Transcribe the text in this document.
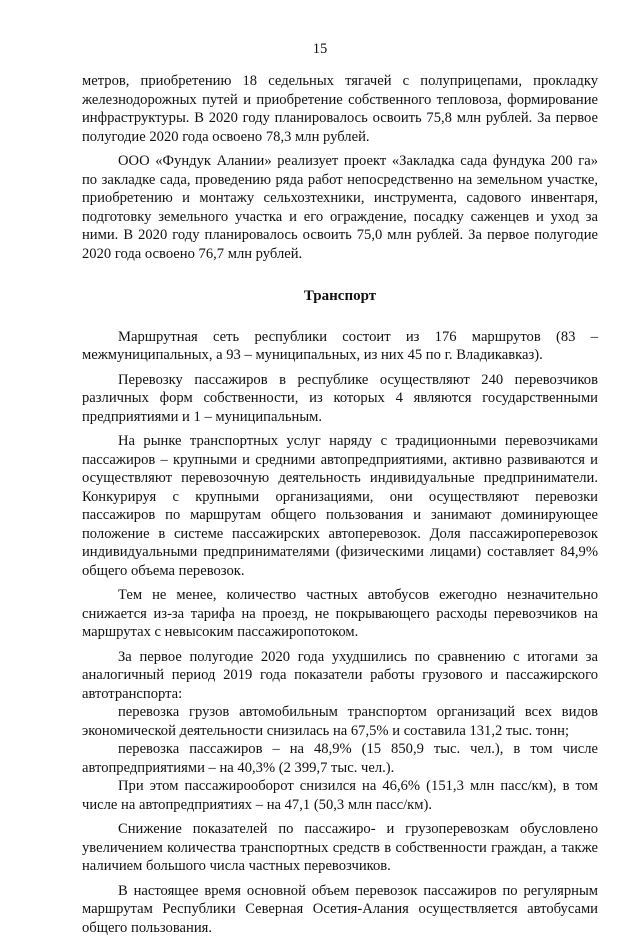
15

метров, приобретению 18 седельных тягачей с полуприцепами, прокладку железнодорожных путей и приобретение собственного тепловоза, формирование инфраструктуры. В 2020 году планировалось освоить 75,8 млн рублей. За первое полугодие 2020 года освоено 78,3 млн рублей.

ООО «Фундук Алании» реализует проект «Закладка сада фундука 200 га» по закладке сада, проведению ряда работ непосредственно на земельном участке, приобретению и монтажу сельхозтехники, инструмента, садового инвентаря, подготовку земельного участка и его ограждение, посадку саженцев и уход за ними. В 2020 году планировалось освоить 75,0 млн рублей. За первое полугодие 2020 года освоено 76,7 млн рублей.

Транспорт

Маршрутная сеть республики состоит из 176 маршрутов (83 – межмуниципальных, а 93 – муниципальных, из них 45 по г. Владикавказ).

Перевозку пассажиров в республике осуществляют 240 перевозчиков различных форм собственности, из которых 4 являются государственными предприятиями и 1 – муниципальным.

На рынке транспортных услуг наряду с традиционными перевозчиками пассажиров – крупными и средними автопредприятиями, активно развиваются и осуществляют перевозочную деятельность индивидуальные предприниматели. Конкурируя с крупными организациями, они осуществляют перевозки пассажиров по маршрутам общего пользования и занимают доминирующее положение в системе пассажирских автоперевозок. Доля пассажироперевозок индивидуальными предпринимателями (физическими лицами) составляет 84,9% общего объема перевозок.

Тем не менее, количество частных автобусов ежегодно незначительно снижается из-за тарифа на проезд, не покрывающего расходы перевозчиков на маршрутах с невысоким пассажиропотоком.

За первое полугодие 2020 года ухудшились по сравнению с итогами за аналогичный период 2019 года показатели работы грузового и пассажирского автотранспорта:

перевозка грузов автомобильным транспортом организаций всех видов экономической деятельности снизилась на 67,5% и составила 131,2 тыс. тонн;

перевозка пассажиров – на 48,9% (15 850,9 тыс. чел.), в том числе автопредприятиями – на 40,3% (2 399,7 тыс. чел.).

При этом пассажирооборот снизился на 46,6% (151,3 млн пасс/км), в том числе на автопредприятиях – на 47,1 (50,3 млн пасс/км).

Снижение показателей по пассажиро- и грузоперевозкам обусловлено увеличением количества транспортных средств в собственности граждан, а также наличием большого числа частных перевозчиков.

В настоящее время основной объем перевозок пассажиров по регулярным маршрутам Республики Северная Осетия-Алания осуществляется автобусами общего пользования.
